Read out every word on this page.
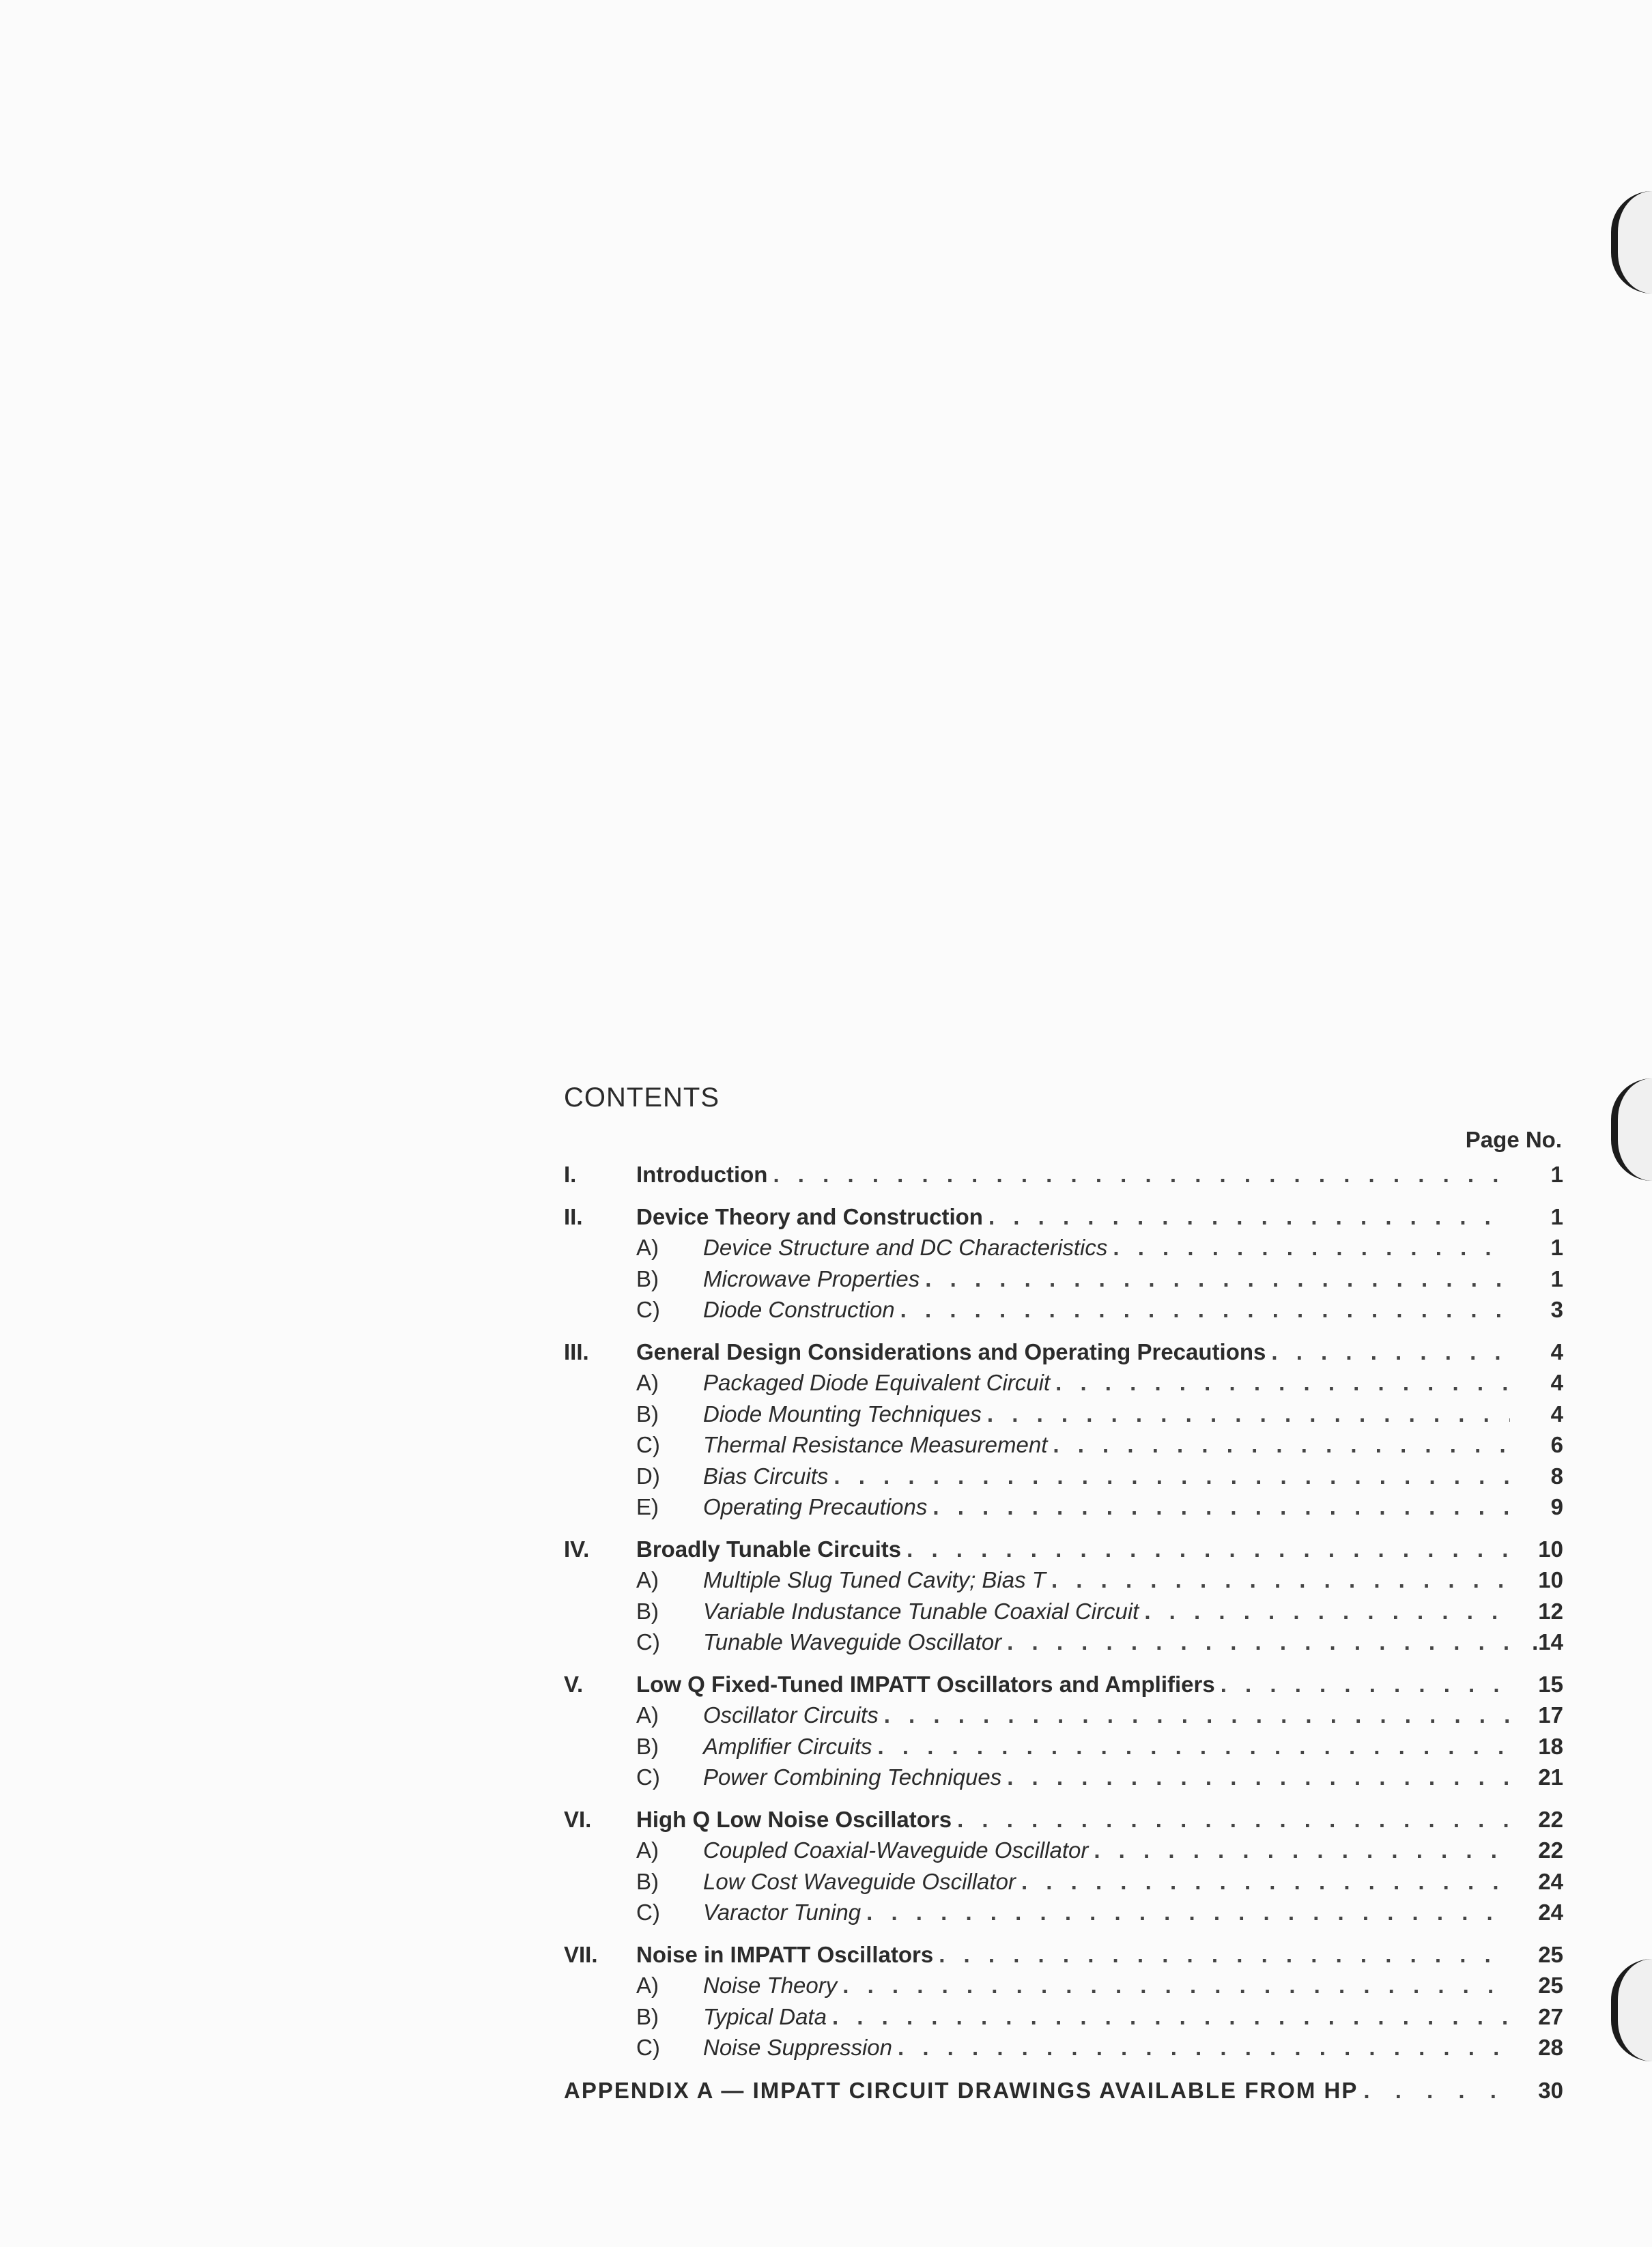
CONTENTS
Page No.
I.	Introduction . . .	1
II.	Device Theory and Construction . . .	1
A)	Device Structure and DC Characteristics . . .	1
B)	Microwave Properties . . .	1
C)	Diode Construction . . .	3
III.	General Design Considerations and Operating Precautions . . .	4
A)	Packaged Diode Equivalent Circuit . . .	4
B)	Diode Mounting Techniques . . .	4
C)	Thermal Resistance Measurement . . .	6
D)	Bias Circuits . . .	8
E)	Operating Precautions . . .	9
IV.	Broadly Tunable Circuits . . .	10
A)	Multiple Slug Tuned Cavity; Bias T . . .	10
B)	Variable Industance Tunable Coaxial Circuit . . .	12
C)	Tunable Waveguide Oscillator . . .	.14
V.	Low Q Fixed-Tuned IMPATT Oscillators and Amplifiers . . .	15
A)	Oscillator Circuits . . .	17
B)	Amplifier Circuits . . .	18
C)	Power Combining Techniques . . .	21
VI.	High Q Low Noise Oscillators . . .	22
A)	Coupled Coaxial-Waveguide Oscillator . . .	22
B)	Low Cost Waveguide Oscillator . . .	24
C)	Varactor Tuning . . .	24
VII.	Noise in IMPATT Oscillators . . .	25
A)	Noise Theory . . .	25
B)	Typical Data . . .	27
C)	Noise Suppression . . .	28
APPENDIX A — IMPATT CIRCUIT DRAWINGS AVAILABLE FROM HP . . .	30
